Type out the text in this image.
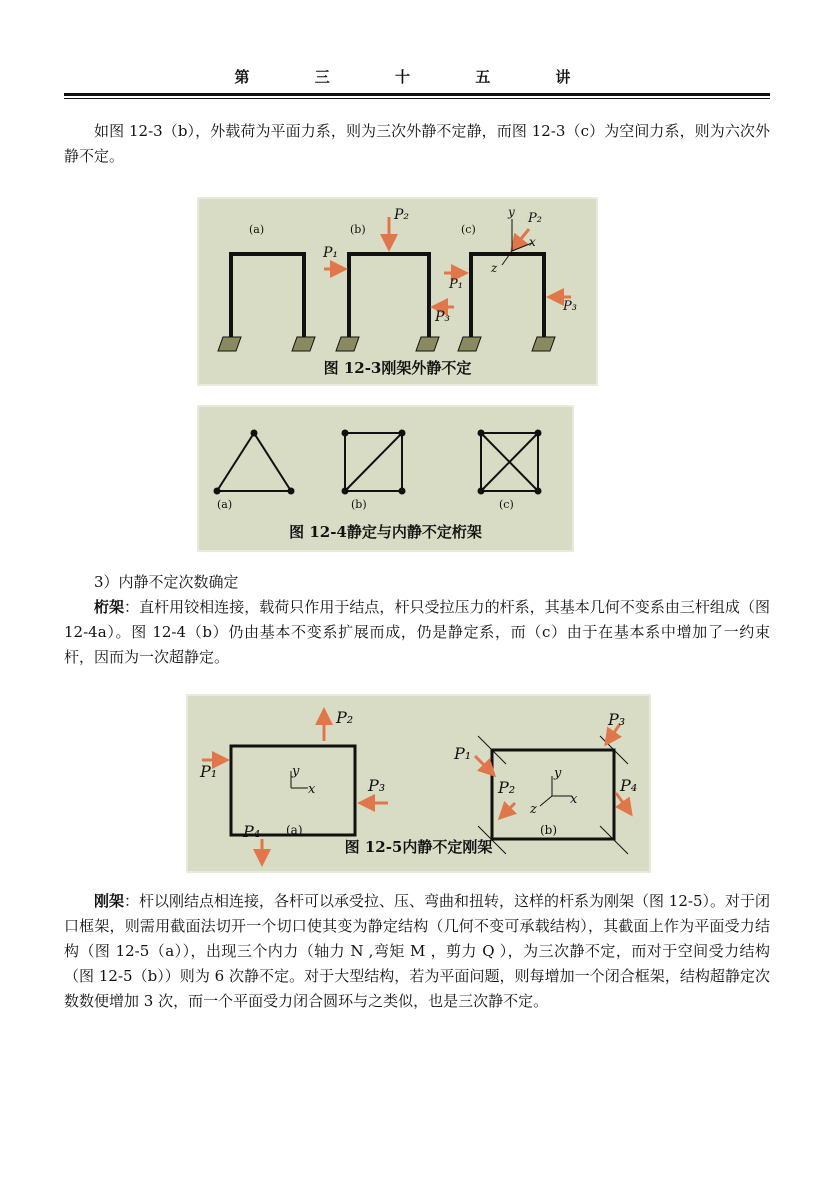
第 三 十 五 讲

如图 12-3（b），外载荷为平面力系，则为三次外静不定静，而图 12-3（c）为空间力系，则为六次外静不定。

(a)	(b)	(c)
P₂
P₁
P₃
P₂
P₁
P₃
y
x
z
图 12-3刚架外静不定
(a)	(b)	(c)
图 12-4静定与内静不定桁架

3）内静不定次数确定

桁架：直杆用铰相连接，载荷只作用于结点，杆只受拉压力的杆系，其基本几何不变系由三杆组成（图 12-4a）。图 12-4（b）仍由基本不变系扩展而成，仍是静定系，而（c）由于在基本系中增加了一约束杆，因而为一次超静定。

P₂
P₁
P₃
P₄
y
x
(a)
P₃
P₁
P₂	P₄
y
x
z
(b)
图 12-5内静不定刚架

刚架：杆以刚结点相连接，各杆可以承受拉、压、弯曲和扭转，这样的杆系为刚架（图 12-5）。对于闭口框架，则需用截面法切开一个切口使其变为静定结构（几何不变可承载结构），其截面上作为平面受力结构（图 12-5（a）），出现三个内力（轴力 N ,弯矩 M ，剪力 Q ），为三次静不定，而对于空间受力结构（图 12-5（b））则为 6 次静不定。对于大型结构，若为平面问题，则每增加一个闭合框架，结构超静定次数数便增加 3 次，而一个平面受力闭合圆环与之类似，也是三次静不定。
